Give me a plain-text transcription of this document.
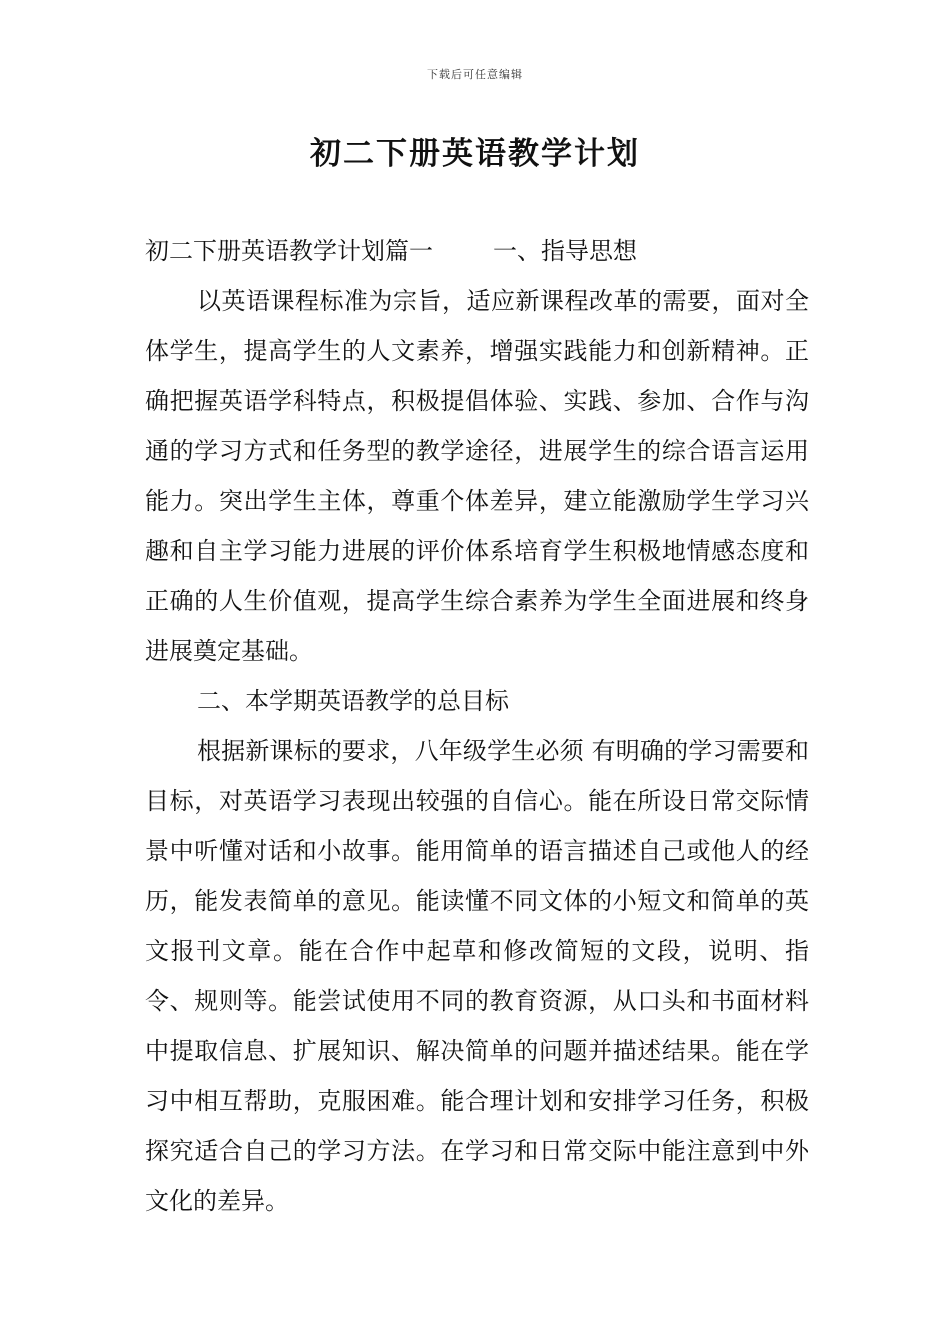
下载后可任意编辑
初二下册英语教学计划

初二下册英语教学计划篇一	一、指导思想

以英语课程标准为宗旨，适应新课程改革的需要，面对全体学生，提高学生的人文素养，增强实践能力和创新精神。正确把握英语学科特点，积极提倡体验、实践、参加、合作与沟通的学习方式和任务型的教学途径，进展学生的综合语言运用能力。突出学生主体，尊重个体差异，建立能激励学生学习兴趣和自主学习能力进展的评价体系培育学生积极地情感态度和正确的人生价值观，提高学生综合素养为学生全面进展和终身进展奠定基础。

二、本学期英语教学的总目标

根据新课标的要求，八年级学生必须 有明确的学习需要和目标，对英语学习表现出较强的自信心。能在所设日常交际情景中听懂对话和小故事。能用简单的语言描述自己或他人的经历，能发表简单的意见。能读懂不同文体的小短文和简单的英文报刊文章。能在合作中起草和修改简短的文段，说明、指令、规则等。能尝试使用不同的教育资源，从口头和书面材料中提取信息、扩展知识、解决简单的问题并描述结果。能在学习中相互帮助，克服困难。能合理计划和安排学习任务，积极探究适合自己的学习方法。在学习和日常交际中能注意到中外文化的差异。
